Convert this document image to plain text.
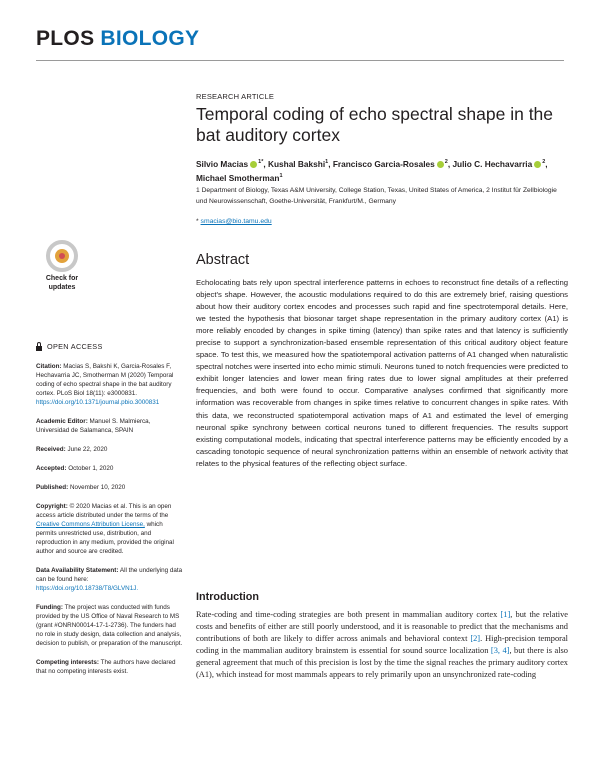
PLOS BIOLOGY
RESEARCH ARTICLE
Temporal coding of echo spectral shape in the bat auditory cortex
Silvio Macias $^{1*}$, Kushal Bakshi$^1$, Francisco Garcia-Rosales $^2$, Julio C. Hechavarria $^2$, Michael Smotherman$^1$
1 Department of Biology, Texas A&M University, College Station, Texas, United States of America, 2 Institut für Zellbiologie und Neurowissenschaft, Goethe-Universität, Frankfurt/M., Germany
* smacias@bio.tamu.edu
Check for
updates

OPEN ACCESS

Citation: Macias S, Bakshi K, Garcia-Rosales F, Hechavarria JC, Smotherman M (2020) Temporal coding of echo spectral shape in the bat auditory cortex. PLoS Biol 18(11): e3000831. https://doi.org/10.1371/journal.pbio.3000831

Academic Editor: Manuel S. Malmierca, Universidad de Salamanca, SPAIN

Received: June 22, 2020

Accepted: October 1, 2020

Published: November 10, 2020

Copyright: © 2020 Macias et al. This is an open access article distributed under the terms of the Creative Commons Attribution License, which permits unrestricted use, distribution, and reproduction in any medium, provided the original author and source are credited.

Data Availability Statement: All the underlying data can be found here: https://doi.org/10.18738/T8/GLVN1J.

Funding: The project was conducted with funds provided by the US Office of Naval Research to MS (grant #ONRN00014-17-1-2736). The funders had no role in study design, data collection and analysis, decision to publish, or preparation of the manuscript.

Competing interests: The authors have declared that no competing interests exist.

Abstract

Echolocating bats rely upon spectral interference patterns in echoes to reconstruct fine details of a reflecting object's shape. However, the acoustic modulations required to do this are extremely brief, raising questions about how their auditory cortex encodes and processes such rapid and fine spectrotemporal details. Here, we tested the hypothesis that biosonar target shape representation in the primary auditory cortex (A1) is more reliably encoded by changes in spike timing (latency) than spike rates and that latency is sufficiently precise to support a synchronization-based ensemble representation of this critical auditory object feature space. To test this, we measured how the spatiotemporal activation patterns of A1 changed when naturalistic spectral notches were inserted into echo mimic stimuli. Neurons tuned to notch frequencies were predicted to exhibit longer latencies and lower mean firing rates due to lower signal amplitudes at their preferred frequencies, and both were found to occur. Comparative analyses confirmed that significantly more information was recoverable from changes in spike times relative to concurrent changes in spike rates. With this data, we reconstructed spatiotemporal activation maps of A1 and estimated the level of emerging neuronal spike synchrony between cortical neurons tuned to different frequencies. The results support existing computational models, indicating that spectral interference patterns may be efficiently encoded by a cascading tonotopic sequence of neural synchronization patterns within an ensemble of network activity that relates to the physical features of the reflecting object surface.

Introduction

Rate-coding and time-coding strategies are both present in mammalian auditory cortex [1], but the relative costs and benefits of either are still poorly understood, and it is reasonable to predict that the mechanisms and contributions of both are likely to differ across animals and behavioral context [2]. High-precision temporal coding in the mammalian auditory brainstem is essential for sound source localization [3, 4], but there is also general agreement that much of this precision is lost by the time the signal reaches the primary auditory cortex (A1), which instead for most mammals appears to rely primarily upon an unsynchronized rate-coding
